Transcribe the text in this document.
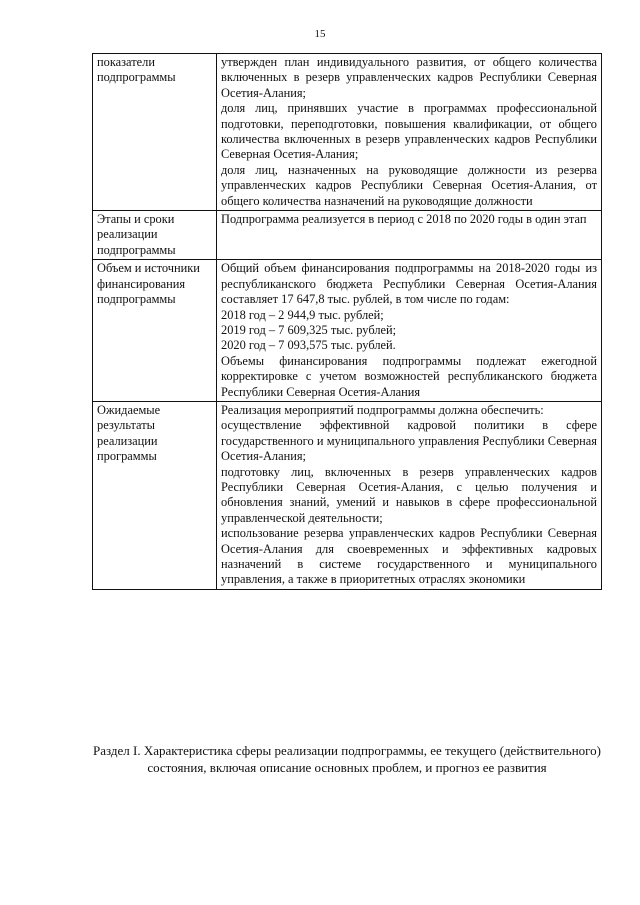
15
показатели подпрограммы	утвержден план индивидуального развития, от общего количества включенных в резерв управленческих кадров Республики Северная Осетия-Алания;
доля лиц, принявших участие в программах профессиональной подготовки, переподготовки, повышения квалификации, от общего количества включенных в резерв управленческих кадров Республики Северная Осетия-Алания;
доля лиц, назначенных на руководящие должности из резерва управленческих кадров Республики Северная Осетия-Алания, от общего количества назначений на руководящие должности

Этапы и сроки реализации подпрограммы	Подпрограмма реализуется в период с 2018 по 2020 годы в один этап

Объем и источники финансирования подпрограммы	Общий объем финансирования подпрограммы на 2018-2020 годы из республиканского бюджета Республики Северная Осетия-Алания составляет 17 647,8 тыс. рублей, в том числе по годам:
2018 год – 2 944,9 тыс. рублей;
2019 год – 7 609,325 тыс. рублей;
2020 год – 7 093,575 тыс. рублей.
Объемы финансирования подпрограммы подлежат ежегодной корректировке с учетом возможностей республиканского бюджета Республики Северная Осетия-Алания

Ожидаемые результаты реализации программы	Реализация мероприятий подпрограммы должна обеспечить:
осуществление эффективной кадровой политики в сфере государственного и муниципального управления Республики Северная Осетия-Алания;
подготовку лиц, включенных в резерв управленческих кадров Республики Северная Осетия-Алания, с целью получения и обновления знаний, умений и навыков в сфере профессиональной управленческой деятельности;
использование резерва управленческих кадров Республики Северная Осетия-Алания для своевременных и эффективных кадровых назначений в системе государственного и муниципального управления, а также в приоритетных отраслях экономики
Раздел I. Характеристика сферы реализации подпрограммы, ее текущего (действительного) состояния, включая описание основных проблем, и прогноз ее развития
